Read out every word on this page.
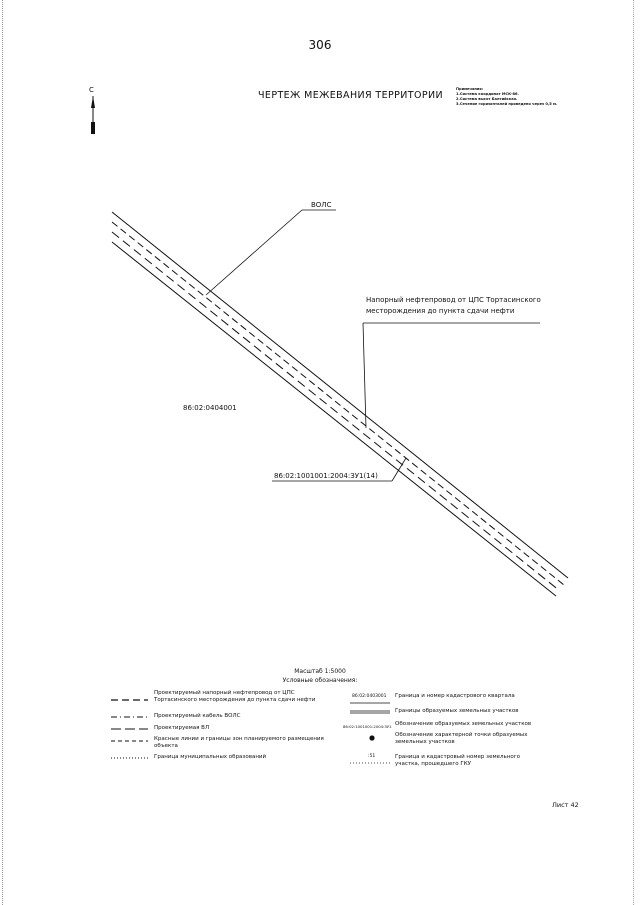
306
ЧЕРТЕЖ МЕЖЕВАНИЯ ТЕРРИТОРИИ
Примечания:
1.Система координат МСК-86.
2.Система высот Балтийская.
3.Сечение горизонталей проведено через 0,5 м.
С
ВОЛС
Напорный нефтепровод от ЦПС Тортасинского
месторождения до пункта сдачи нефти
86:02:0404001
86:02:1001001:2004:ЗУ1(14)
Масштаб 1:5000
Условные обозначения:
Проектируемый напорный нефтепровод от ЦПС
Тортасинского месторождения до пункта сдачи нефти
Проектируемый кабель ВОЛС
Проектируемая ВЛ
Красные линии и границы зон планируемого размещения
объекта
Граница муниципальных образований
86:02:0403001 Граница и номер кадастрового квартала
Границы образуемых земельных участков
86:02:1001001:2004:ЗУ1 Обозначение образуемых земельных участков
Обозначение характерной точки образуемых
земельных участков
:51	Граница и кадастровый номер земельного
участка, прошедшего ГКУ
Лист 42
